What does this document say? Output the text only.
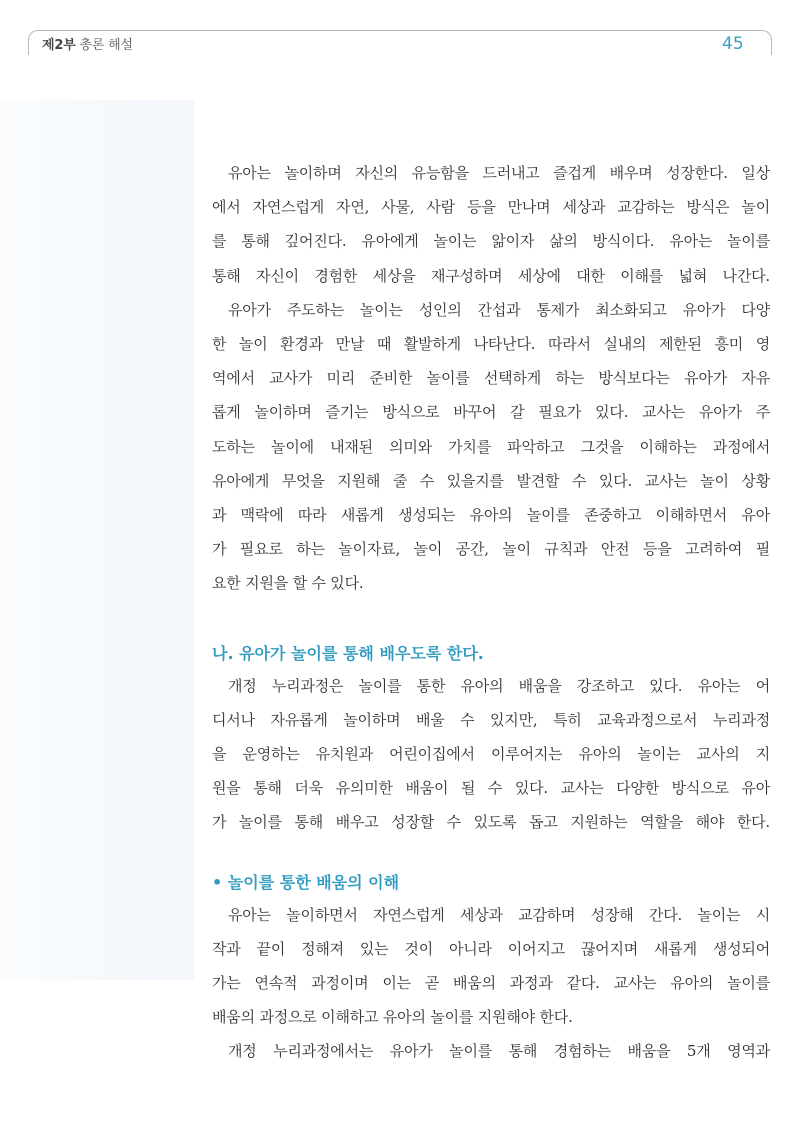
제2부 총론 해설	45

유아는 놀이하며 자신의 유능함을 드러내고 즐겁게 배우며 성장한다. 일상
에서 자연스럽게 자연, 사물, 사람 등을 만나며 세상과 교감하는 방식은 놀이
를 통해 깊어진다. 유아에게 놀이는 앎이자 삶의 방식이다. 유아는 놀이를
통해 자신이 경험한 세상을 재구성하며 세상에 대한 이해를 넓혀 나간다.

유아가 주도하는 놀이는 성인의 간섭과 통제가 최소화되고 유아가 다양
한 놀이 환경과 만날 때 활발하게 나타난다. 따라서 실내의 제한된 흥미 영
역에서 교사가 미리 준비한 놀이를 선택하게 하는 방식보다는 유아가 자유
롭게 놀이하며 즐기는 방식으로 바꾸어 갈 필요가 있다. 교사는 유아가 주
도하는 놀이에 내재된 의미와 가치를 파악하고 그것을 이해하는 과정에서
유아에게 무엇을 지원해 줄 수 있을지를 발견할 수 있다. 교사는 놀이 상황
과 맥락에 따라 새롭게 생성되는 유아의 놀이를 존중하고 이해하면서 유아
가 필요로 하는 놀이자료, 놀이 공간, 놀이 규칙과 안전 등을 고려하여 필
요한 지원을 할 수 있다.

나. 유아가 놀이를 통해 배우도록 한다.

개정 누리과정은 놀이를 통한 유아의 배움을 강조하고 있다. 유아는 어
디서나 자유롭게 놀이하며 배울 수 있지만, 특히 교육과정으로서 누리과정
을 운영하는 유치원과 어린이집에서 이루어지는 유아의 놀이는 교사의 지
원을 통해 더욱 유의미한 배움이 될 수 있다. 교사는 다양한 방식으로 유아
가 놀이를 통해 배우고 성장할 수 있도록 돕고 지원하는 역할을 해야 한다.

• 놀이를 통한 배움의 이해

유아는 놀이하면서 자연스럽게 세상과 교감하며 성장해 간다. 놀이는 시
작과 끝이 정해져 있는 것이 아니라 이어지고 끊어지며 새롭게 생성되어
가는 연속적 과정이며 이는 곧 배움의 과정과 같다. 교사는 유아의 놀이를
배움의 과정으로 이해하고 유아의 놀이를 지원해야 한다.

개정 누리과정에서는 유아가 놀이를 통해 경험하는 배움을 5개 영역과
